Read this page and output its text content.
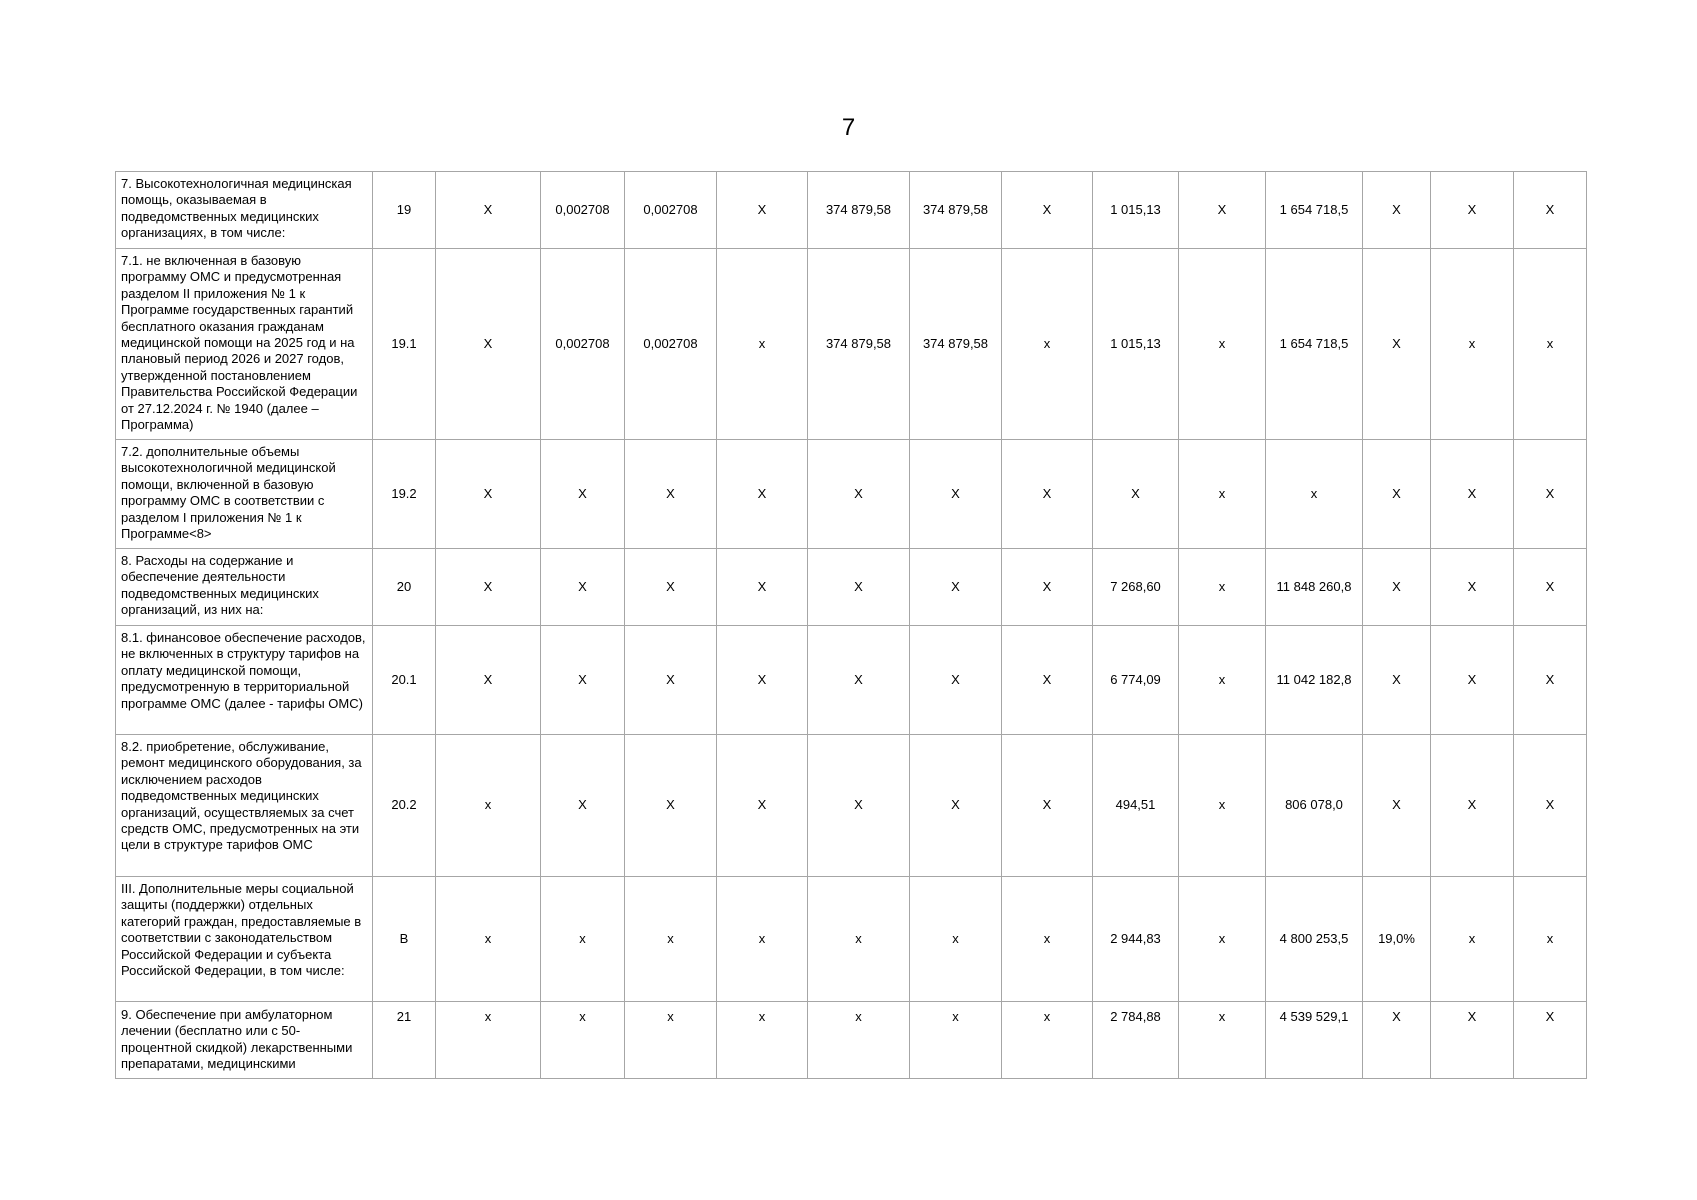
7
7. Высокотехнологичная медицинская помощь, оказываемая в подведомственных медицинских организациях, в том числе:	19	X	0,002708	0,002708	X	374 879,58	374 879,58	X	1 015,13	X	1 654 718,5	X	X	X
7.1. не включенная в базовую программу ОМС и предусмотренная разделом II приложения № 1 к Программе государственных гарантий бесплатного оказания гражданам медицинской помощи на 2025 год и на плановый период 2026 и 2027 годов, утвержденной постановлением Правительства Российской Федерации от 27.12.2024 г. № 1940 (далее – Программа)	19.1	X	0,002708	0,002708	x	374 879,58	374 879,58	x	1 015,13	x	1 654 718,5	X	x	x
7.2. дополнительные объемы высокотехнологичной медицинской помощи, включенной в базовую программу ОМС в соответствии с разделом I приложения № 1 к Программе<8>	19.2	X	X	X	X	X	X	X	X	x	x	X	X	X
8. Расходы на содержание и обеспечение деятельности подведомственных медицинских организаций, из них на:	20	X	X	X	X	X	X	X	7 268,60	x	11 848 260,8	X	X	X
8.1. финансовое обеспечение расходов, не включенных в структуру тарифов на оплату медицинской помощи, предусмотренную в территориальной программе ОМС (далее - тарифы ОМС)	20.1	X	X	X	X	X	X	X	6 774,09	x	11 042 182,8	X	X	X
8.2. приобретение, обслуживание, ремонт медицинского оборудования, за исключением расходов подведомственных медицинских организаций, осуществляемых за счет средств ОМС, предусмотренных на эти цели в структуре тарифов ОМС	20.2	x	X	X	X	X	X	X	494,51	x	806 078,0	X	X	X
III. Дополнительные меры социальной защиты (поддержки) отдельных категорий граждан, предоставляемые в соответствии с законодательством Российской Федерации и субъекта Российской Федерации, в том числе:	В	x	x	x	x	x	x	x	2 944,83	x	4 800 253,5	19,0%	x	x
9. Обеспечение при амбулаторном лечении (бесплатно или с 50-процентной скидкой) лекарственными препаратами, медицинскими	21	x	x	x	x	x	x	x	2 784,88	x	4 539 529,1	X	X	X
